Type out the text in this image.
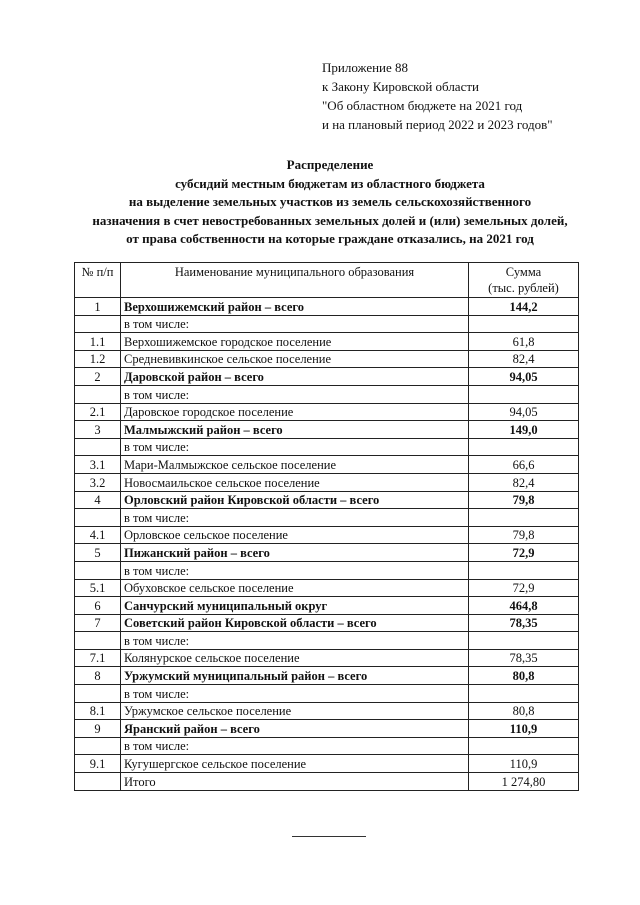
Приложение 88
к Закону Кировской области
"Об областном бюджете на 2021 год
и на плановый период 2022 и 2023 годов"
Распределение
субсидий местным бюджетам из областного бюджета
на выделение земельных участков из земель сельскохозяйственного
назначения в счет невостребованных земельных долей и (или) земельных долей,
от права собственности на которые граждане отказались, на 2021 год
№ п/п	Наименование муниципального образования	Сумма
(тыс. рублей)

1	Верхошижемский район – всего	144,2
	в том числе:	
1.1	Верхошижемское городское поселение	61,8
1.2	Средневивкинское сельское поселение	82,4
2	Даровской район – всего	94,05
	в том числе:	
2.1	Даровское городское поселение	94,05
3	Малмыжский район – всего	149,0
	в том числе:	
3.1	Мари-Малмыжское сельское поселение	66,6
3.2	Новосмаильское сельское поселение	82,4
4	Орловский район Кировской области – всего	79,8
	в том числе:	
4.1	Орловское сельское поселение	79,8
5	Пижанский район – всего	72,9
	в том числе:	
5.1	Обуховское сельское поселение	72,9
6	Санчурский муниципальный округ	464,8
7	Советский район Кировской области – всего	78,35
	в том числе:	
7.1	Колянурское сельское поселение	78,35
8	Уржумский муниципальный район – всего	80,8
	в том числе:	
8.1	Уржумское сельское поселение	80,8
9	Яранский район – всего	110,9
	в том числе:	
9.1	Кугушергское сельское поселение	110,9
	Итого	1 274,80
